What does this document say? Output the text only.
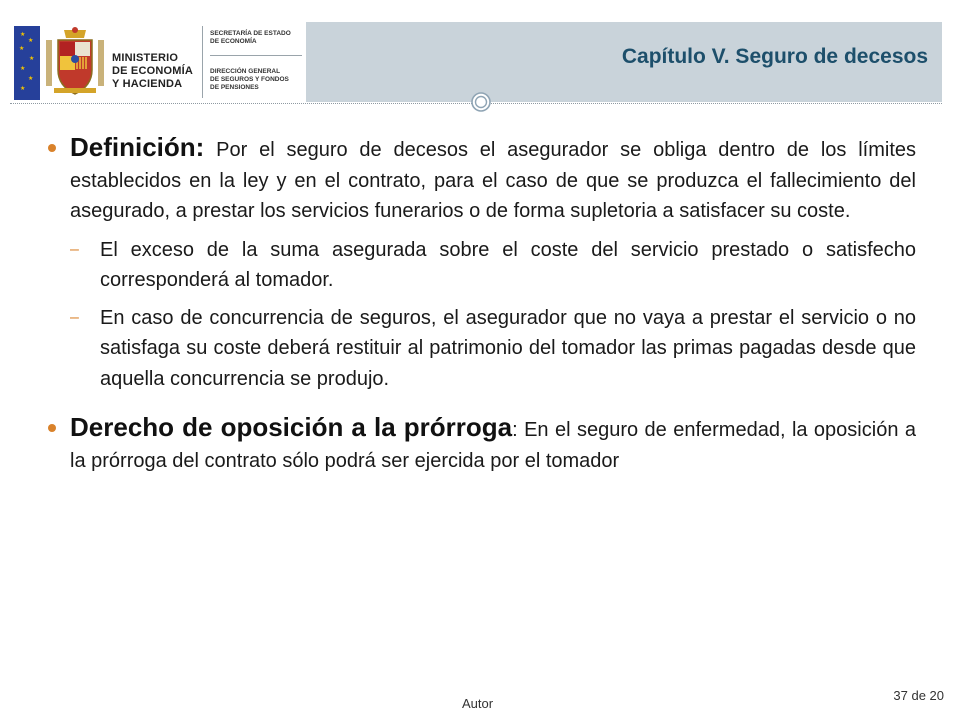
★
★
★
★
★
★
★
MINISTERIO
DE ECONOMÍA
Y HACIENDA
SECRETARÍA DE ESTADO
DE ECONOMÍA
DIRECCIÓN GENERAL
DE SEGUROS Y FONDOS
DE PENSIONES
Capítulo V. Seguro de decesos
Definición: Por el seguro de decesos el asegurador se obliga dentro de los límites establecidos en la ley y en el contrato, para el caso de que se produzca el fallecimiento del asegurado, a prestar los servicios funerarios o de forma supletoria a satisfacer su coste.
– El exceso de la suma asegurada sobre el coste del servicio prestado o satisfecho corresponderá al tomador.
– En caso de concurrencia de seguros, el asegurador que no vaya a prestar el servicio o no satisfaga su coste deberá restituir al patrimonio del tomador las primas pagadas desde que aquella concurrencia se produjo.
Derecho de oposición a la prórroga: En el seguro de enfermedad, la oposición a la prórroga del contrato sólo podrá ser ejercida por el tomador
Autor
37 de 20
